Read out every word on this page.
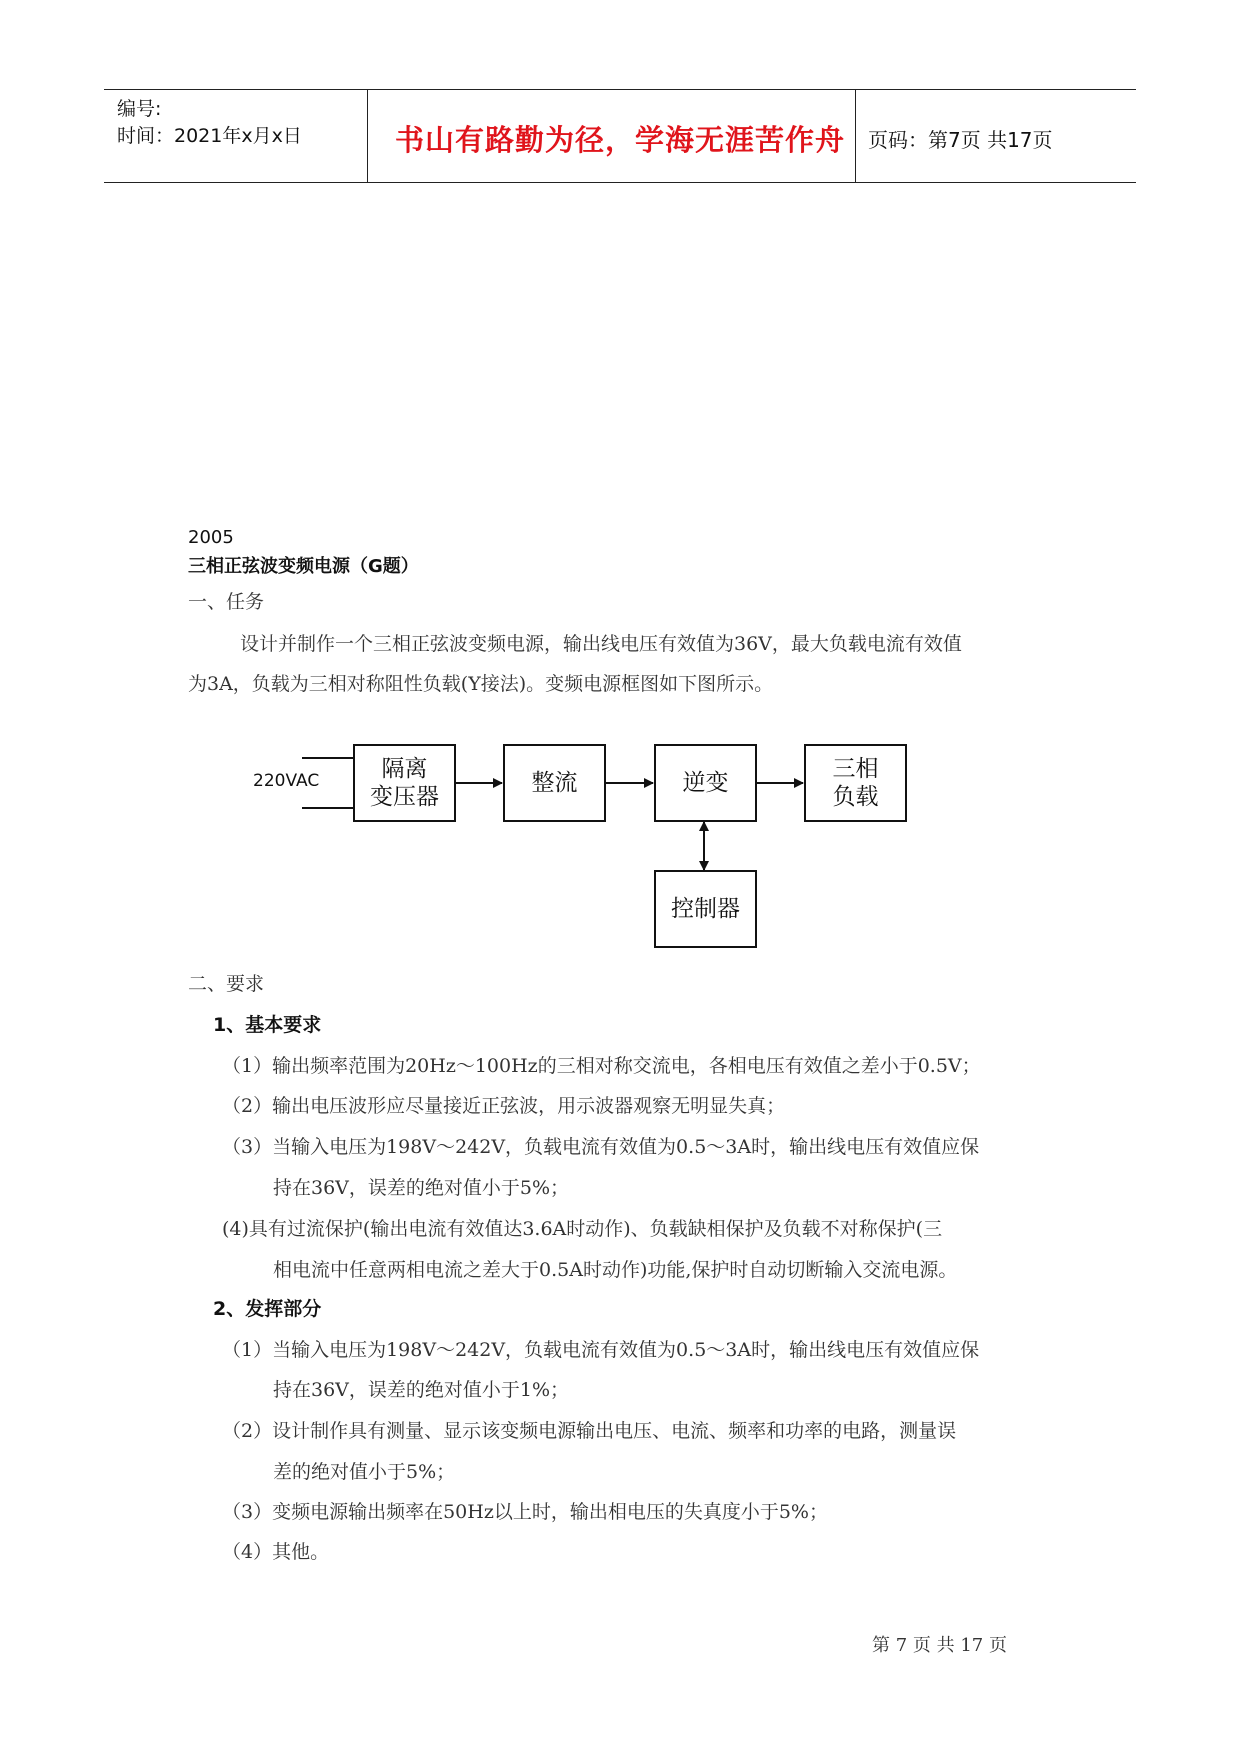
编号:
时间：2021年x月x日	书山有路勤为径，学海无涯苦作舟 页码：第7页 共17页
2005
三相正弦波变频电源（G题）
一、任务
设计并制作一个三相正弦波变频电源，输出线电压有效值为36V，最大负载电流有效值
为3A，负载为三相对称阻性负载(Y接法)。变频电源框图如下图所示。
220VAC	隔离
变压器
整流	逆变
三相
负载
控制器
二、要求
1、基本要求
（1）输出频率范围为20Hz～100Hz的三相对称交流电，各相电压有效值之差小于0.5V；
（2）输出电压波形应尽量接近正弦波，用示波器观察无明显失真；
（3）当输入电压为198V～242V，负载电流有效值为0.5～3A时，输出线电压有效值应保
持在36V，误差的绝对值小于5%；
(4)具有过流保护(输出电流有效值达3.6A时动作)、负载缺相保护及负载不对称保护(三
相电流中任意两相电流之差大于0.5A时动作)功能,保护时自动切断输入交流电源。
2、发挥部分
（1）当输入电压为198V～242V，负载电流有效值为0.5～3A时，输出线电压有效值应保
持在36V，误差的绝对值小于1%；
（2）设计制作具有测量、显示该变频电源输出电压、电流、频率和功率的电路，测量误
差的绝对值小于5%；
（3）变频电源输出频率在50Hz以上时，输出相电压的失真度小于5%；
（4）其他。
第 7 页 共 17 页
